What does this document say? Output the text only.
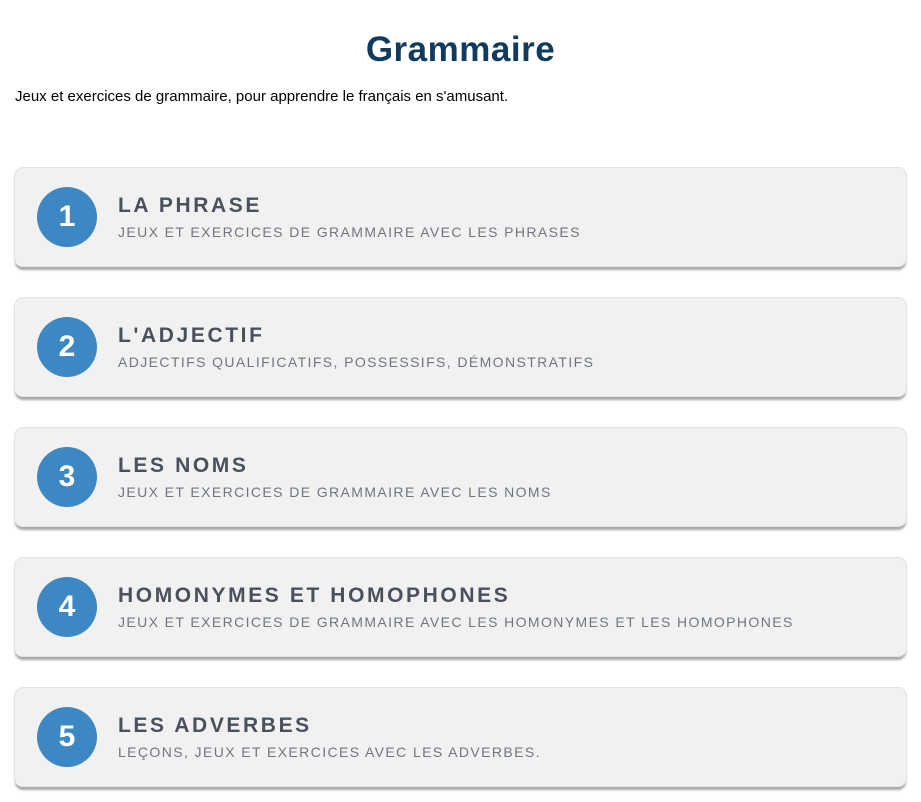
Grammaire

Jeux et exercices de grammaire, pour apprendre le français en s'amusant.

1 LA PHRASE
JEUX ET EXERCICES DE GRAMMAIRE AVEC LES PHRASES
2 L'ADJECTIF
ADJECTIFS QUALIFICATIFS, POSSESSIFS, DÉMONSTRATIFS
3 LES NOMS
JEUX ET EXERCICES DE GRAMMAIRE AVEC LES NOMS
4 HOMONYMES ET HOMOPHONES
JEUX ET EXERCICES DE GRAMMAIRE AVEC LES HOMONYMES ET LES HOMOPHONES
5 LES ADVERBES
LEÇONS, JEUX ET EXERCICES AVEC LES ADVERBES.
